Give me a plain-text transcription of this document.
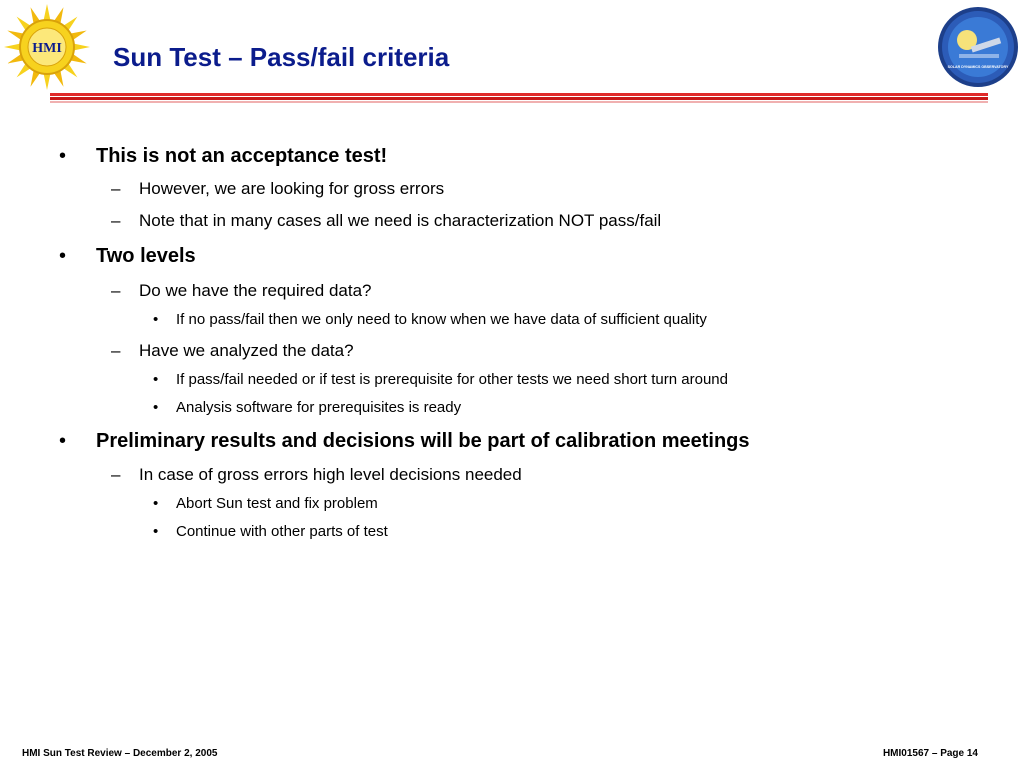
HMI
SOLAR DYNAMICS OBSERVATORY
Sun Test – Pass/fail criteria
• This is not an acceptance test!
– However, we are looking for gross errors
– Note that in many cases all we need is characterization NOT pass/fail
• Two levels
– Do we have the required data?
• If no pass/fail then we only need to know when we have data of sufficient quality
– Have we analyzed the data?
• If pass/fail needed or if test is prerequisite for other tests we need short turn around
• Analysis software for prerequisites is ready
• Preliminary results and decisions will be part of calibration meetings
– In case of gross errors high level decisions needed
• Abort Sun test and fix problem
• Continue with other parts of test
HMI Sun Test Review – December 2, 2005	HMI01567 – Page 14
